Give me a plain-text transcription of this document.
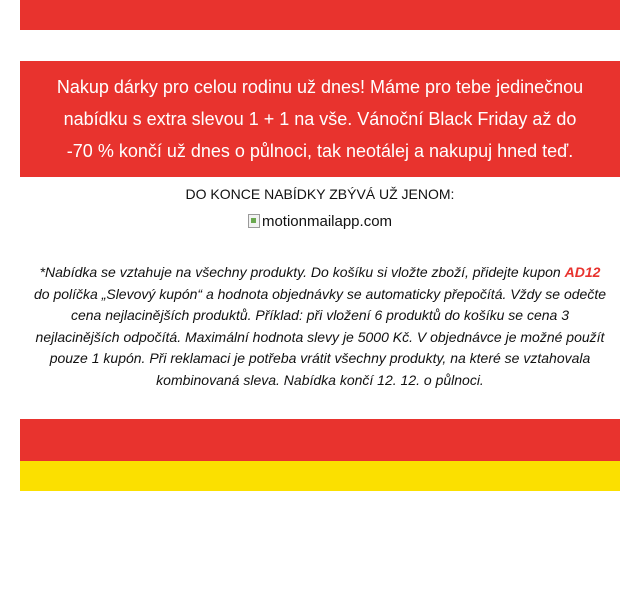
Nakup dárky pro celou rodinu už dnes! Máme pro tebe jedinečnou nabídku s extra slevou 1 + 1 na vše. Vánoční Black Friday až do -70 % končí už dnes o půlnoci, tak neotálej a nakupuj hned teď.
DO KONCE NABÍDKY ZBÝVÁ UŽ JENOM:
motionmailapp.com
*Nabídka se vztahuje na všechny produkty. Do košíku si vložte zboží, přidejte kupon AD12 do políčka „Slevový kupón“ a hodnota objednávky se automaticky přepočítá. Vždy se odečte cena nejlacinějších produktů. Příklad: při vložení 6 produktů do košíku se cena 3 nejlacinějších odpočítá. Maximální hodnota slevy je 5000 Kč. V objednávce je možné použít pouze 1 kupón. Při reklamaci je potřeba vrátit všechny produkty, na které se vztahovala kombinovaná sleva. Nabídka končí 12. 12. o půlnoci.
